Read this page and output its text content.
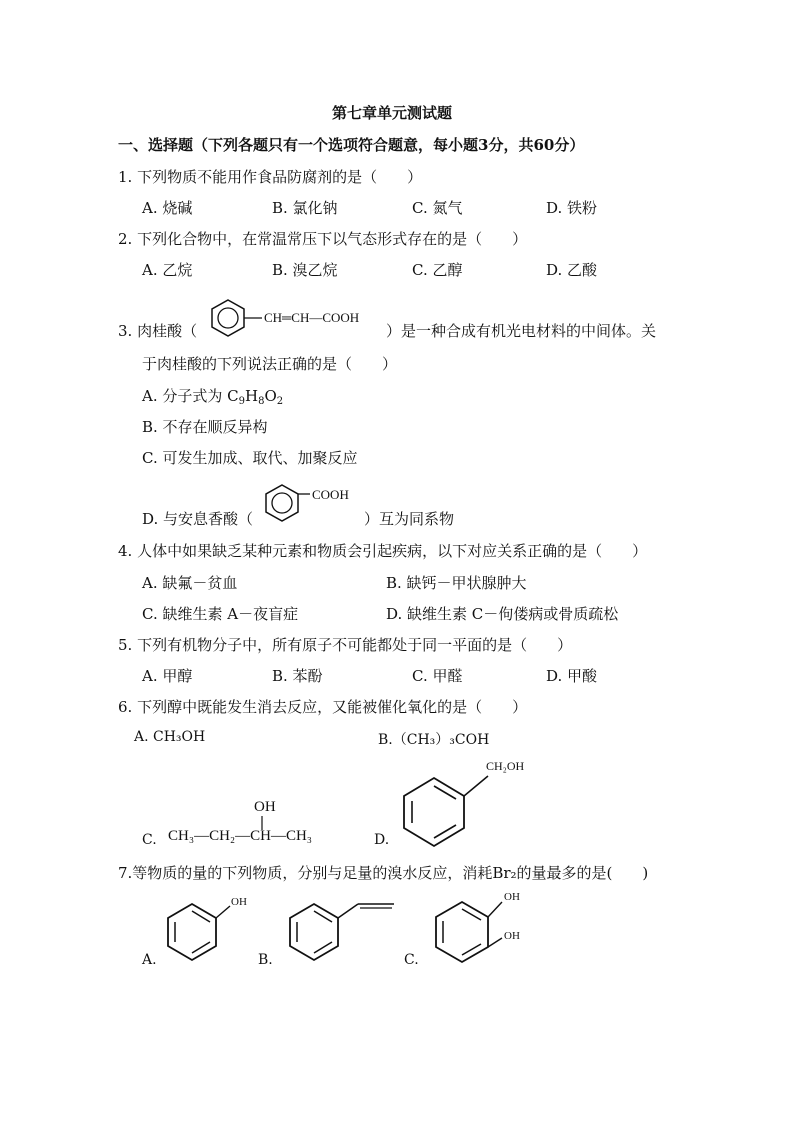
第七章单元测试题
一、选择题（下列各题只有一个选项符合题意，每小题3分，共60分）
1. 下列物质不能用作食品防腐剂的是（　　）
A. 烧碱	B. 氯化钠	C. 氮气	D. 铁粉
2. 下列化合物中，在常温常压下以气态形式存在的是（　　）
A. 乙烷	B. 溴乙烷	C. 乙醇	D. 乙酸
3. 肉桂酸（
CH═CH—COOH
）是一种合成有机光电材料的中间体。关
于肉桂酸的下列说法正确的是（　　）
A. 分子式为 $C_9H_8O_2$
B. 不存在顺反异构
C. 可发生加成、取代、加聚反应
D. 与安息香酸（
COOH
）互为同系物
4. 人体中如果缺乏某种元素和物质会引起疾病，以下对应关系正确的是（　　）
A. 缺氟－贫血	B. 缺钙－甲状腺肿大
C. 缺维生素 A－夜盲症	D. 缺维生素 C－佝偻病或骨质疏松
5. 下列有机物分子中，所有原子不可能都处于同一平面的是（　　）
A. 甲醇	B. 苯酚	C. 甲醛	D. 甲酸
6. 下列醇中既能发生消去反应，又能被催化氧化的是（　　）
A. CH₃OH	B.（CH₃）₃COH
C.
OH
CH₃—CH₂—CH—CH₃	D.
CH₂OH
7.等物质的量的下列物质，分别与足量的溴水反应，消耗Br₂的量最多的是(　　)
A.
OH
B.	C.
OH
OH
